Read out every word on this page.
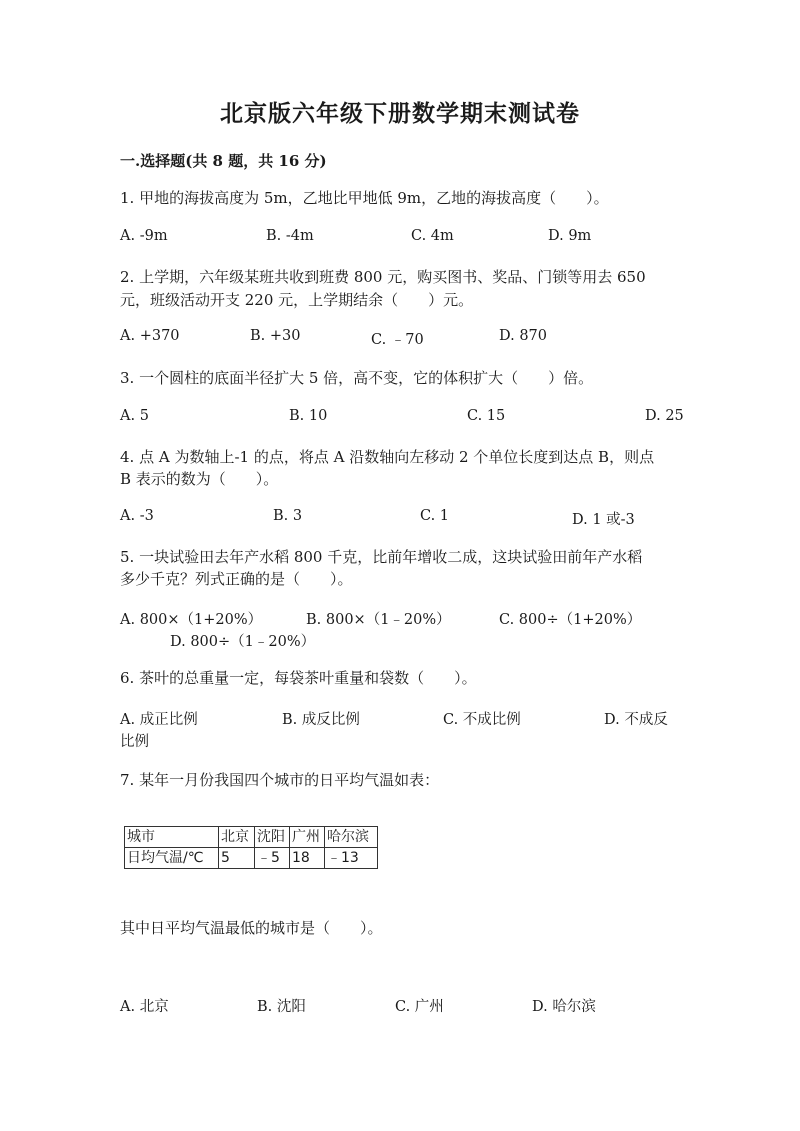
北京版六年级下册数学期末测试卷
一.选择题(共 8 题，共 16 分)
1. 甲地的海拔高度为 5m，乙地比甲地低 9m，乙地的海拔高度（　　）。
A. -9m	B. -4m	C. 4m	D. 9m
2. 上学期，六年级某班共收到班费 800 元，购买图书、奖品、门锁等用去 650
元，班级活动开支 220 元，上学期结余（　　）元。
A. +370	B. +30	C. ﹣70	D. 870
3. 一个圆柱的底面半径扩大 5 倍，高不变，它的体积扩大（　　）倍。
A. 5	B. 10	C. 15	D. 25
4. 点 A 为数轴上-1 的点，将点 A 沿数轴向左移动 2 个单位长度到达点 B，则点
B 表示的数为（　　）。
A. -3	B. 3	C. 1	D. 1 或-3
5. 一块试验田去年产水稻 800 千克，比前年增收二成，这块试验田前年产水稻
多少千克？列式正确的是（　　）。
A. 800×（1+20%）	B. 800×（1﹣20%）	C. 800÷（1+20%）
D. 800÷（1﹣20%）
6. 茶叶的总重量一定，每袋茶叶重量和袋数（　　）。
A. 成正比例	B. 成反比例	C. 不成比例	D. 不成反
比例
7. 某年一月份我国四个城市的日平均气温如表：
城市	北京	沈阳	广州	哈尔滨
日均气温/℃	5	﹣5	18	﹣13
其中日平均气温最低的城市是（　　）。
A. 北京	B. 沈阳	C. 广州	D. 哈尔滨
